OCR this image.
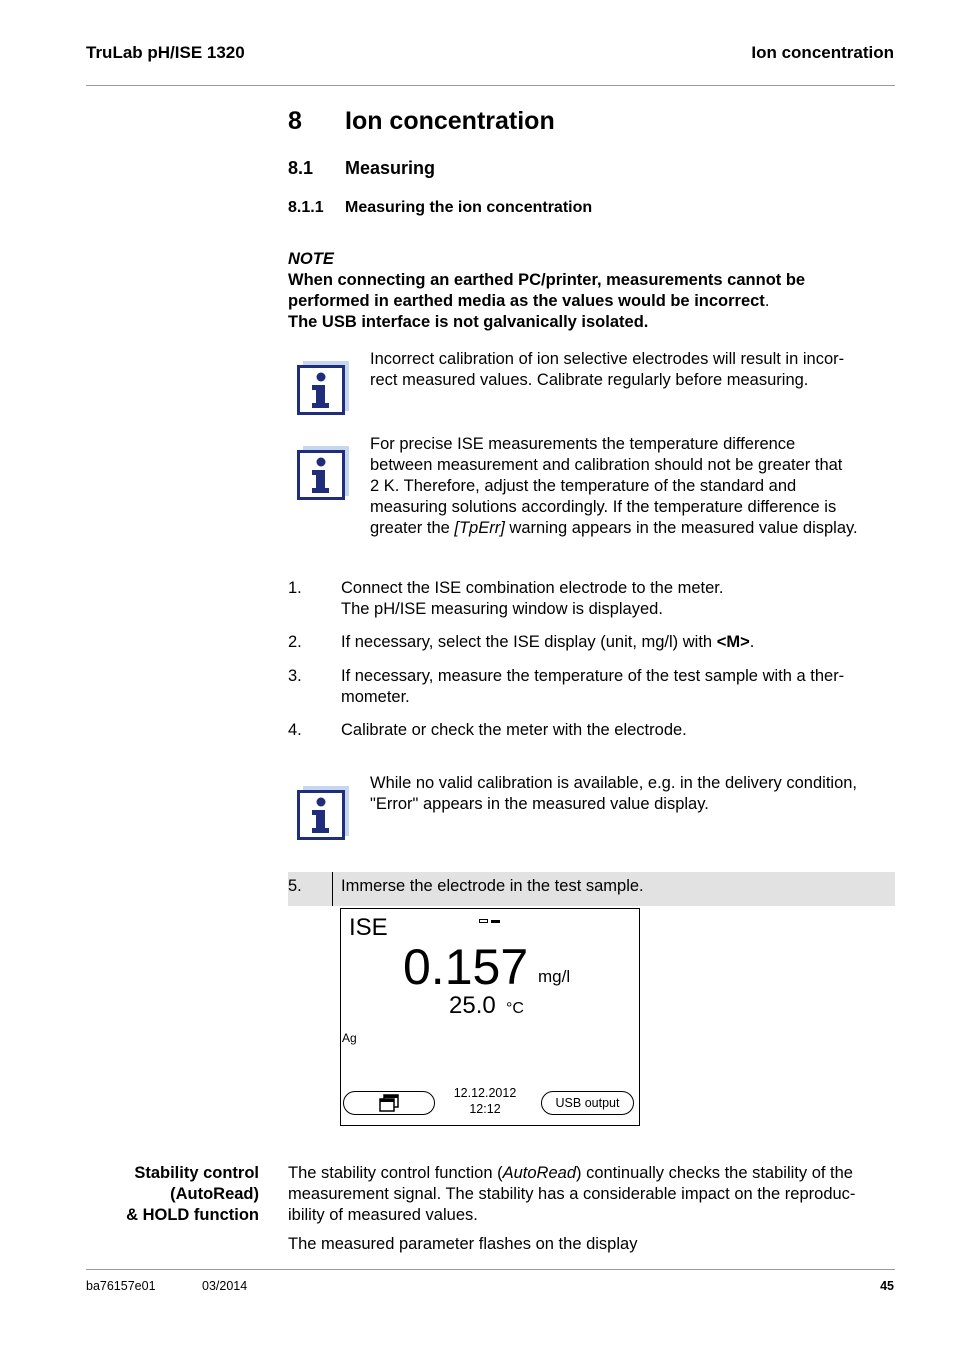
TruLab pH/ISE 1320	Ion concentration
8 Ion concentration
8.1 Measuring
8.1.1 Measuring the ion concentration
NOTE
When connecting an earthed PC/printer, measurements cannot be
performed in earthed media as the values would be incorrect.
The USB interface is not galvanically isolated.
Incorrect calibration of ion selective electrodes will result in incor-
rect measured values. Calibrate regularly before measuring.
For precise ISE measurements the temperature difference
between measurement and calibration should not be greater that
2 K. Therefore, adjust the temperature of the standard and
measuring solutions accordingly. If the temperature difference is
greater the [TpErr] warning appears in the measured value display.
1. Connect the ISE combination electrode to the meter.
The pH/ISE measuring window is displayed.
2. If necessary, select the ISE display (unit, mg/l) with <M>.
3. If necessary, measure the temperature of the test sample with a ther-
mometer.
4. Calibrate or check the meter with the electrode.
While no valid calibration is available, e.g. in the delivery condition,
"Error" appears in the measured value display.
5. Immerse the electrode in the test sample.
ISE
0.157 mg/l
25.0 °C
Ag
12.12.2012
12:12	USB output
Stability control
(AutoRead)
& HOLD function
The stability control function (AutoRead) continually checks the stability of the
measurement signal. The stability has a considerable impact on the reproduc-
ibility of measured values.
The measured parameter flashes on the display
ba76157e01	03/2014	45
